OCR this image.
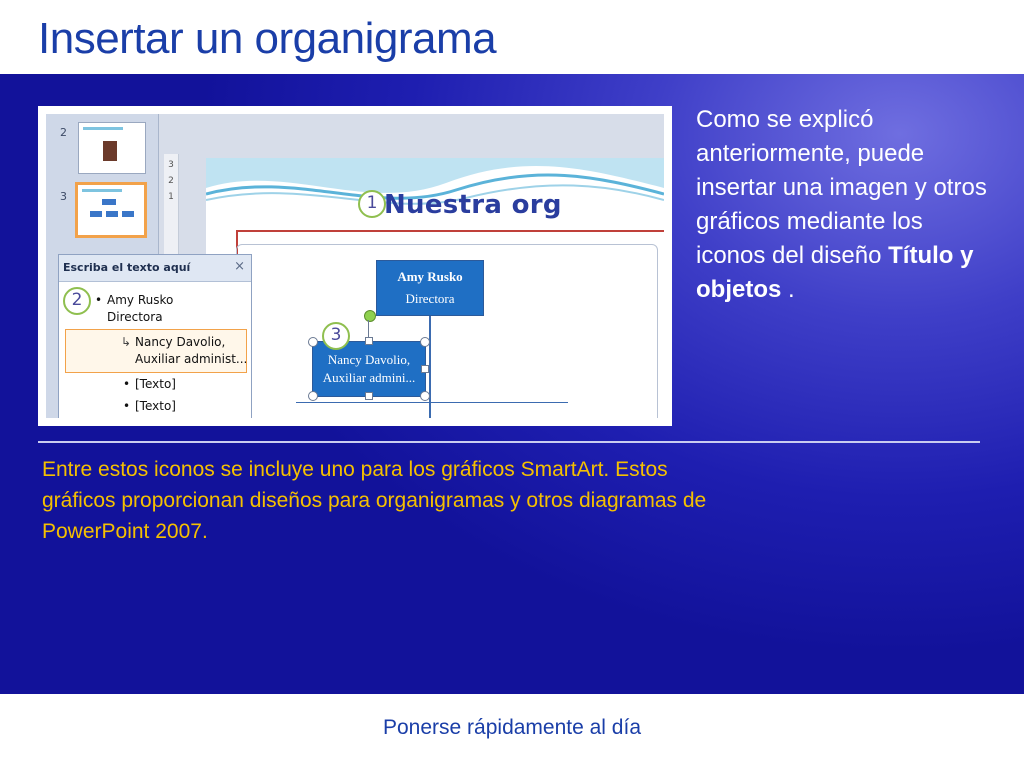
Insertar un organigrama
2
3
3
2
1	1 Nuestra org
Amy Rusko
Directora
Nancy Davolio,
Auxiliar admini...
3
Escriba el texto aquí	×
2	• Amy Rusko
Directora
↳ Nancy Davolio,
Auxiliar administ...
• [Texto]
• [Texto]
Como se explicó anteriormente, puede insertar una imagen y otros gráficos mediante los iconos del diseño Título y objetos .
Entre estos iconos se incluye uno para los gráficos SmartArt. Estos gráficos proporcionan diseños para organigramas y otros diagramas de PowerPoint 2007.
Ponerse rápidamente al día
